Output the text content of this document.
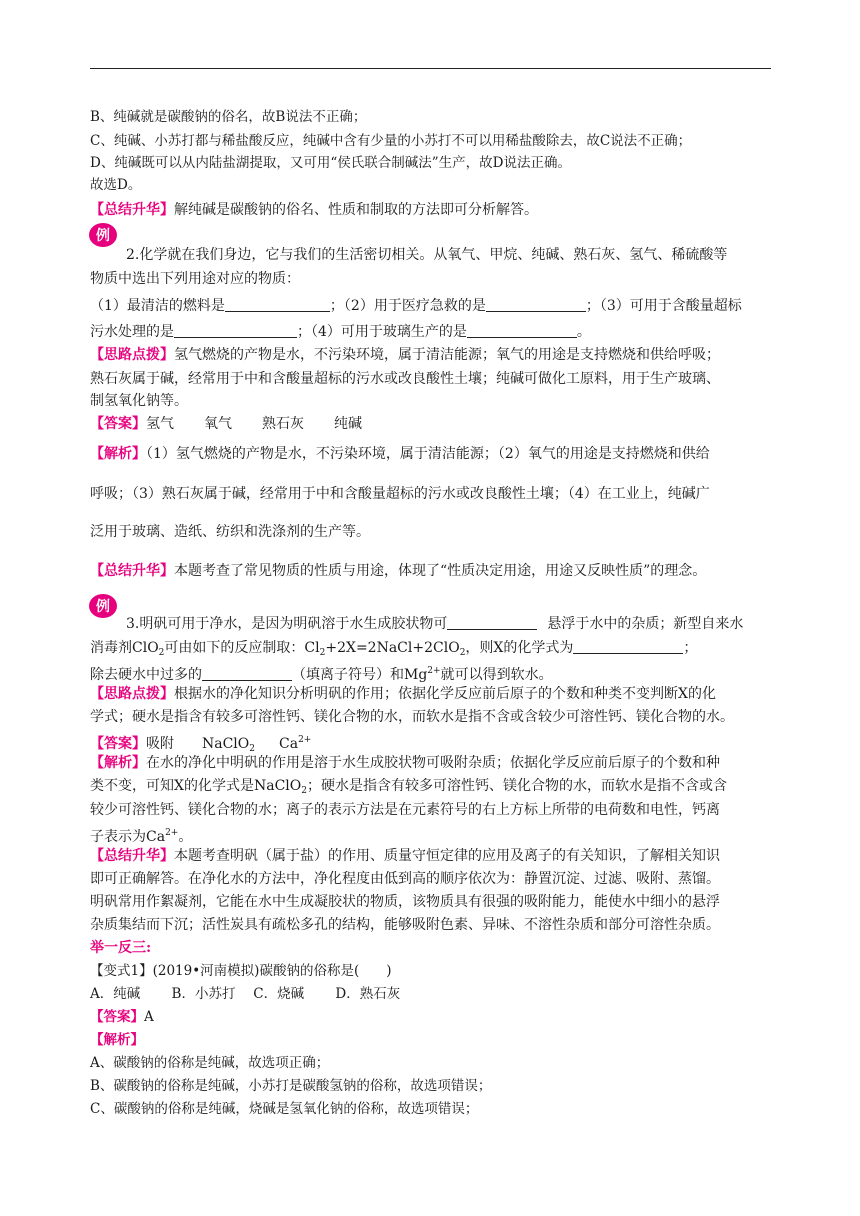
B、纯碱就是碳酸钠的俗名，故B说法不正确；
C、纯碱、小苏打都与稀盐酸反应，纯碱中含有少量的小苏打不可以用稀盐酸除去，故C说法不正确；
D、纯碱既可以从内陆盐湖提取，又可用“侯氏联合制碱法”生产，故D说法正确。
故选D。
【总结升华】解纯碱是碳酸钠的俗名、性质和制取的方法即可分析解答。
例
2.化学就在我们身边，它与我们的生活密切相关。从氧气、甲烷、纯碱、熟石灰、氢气、稀硫酸等
物质中选出下列用途对应的物质：
（1）最清洁的燃料是	；（2）用于医疗急救的是	；（3）可用于含酸量超标
污水处理的是	；（4）可用于玻璃生产的是	。
【思路点拨】氢气燃烧的产物是水，不污染环境，属于清洁能源；氧气的用途是支持燃烧和供给呼吸；
熟石灰属于碱，经常用于中和含酸量超标的污水或改良酸性土壤；纯碱可做化工原料，用于生产玻璃、
制氢氧化钠等。
【答案】氢气 氧气 熟石灰 纯碱
【解析】（1）氢气燃烧的产物是水，不污染环境，属于清洁能源；（2）氧气的用途是支持燃烧和供给
呼吸；（3）熟石灰属于碱，经常用于中和含酸量超标的污水或改良酸性土壤；（4）在工业上，纯碱广
泛用于玻璃、造纸、纺织和洗涤剂的生产等。
【总结升华】本题考查了常见物质的性质与用途，体现了“性质决定用途，用途又反映性质”的理念。
例
3.明矾可用于净水，是因为明矾溶于水生成胶状物可	悬浮于水中的杂质；新型自来水
消毒剂ClO$_2$可由如下的反应制取：$Cl_2+2X=2NaCl+2ClO_2$，则X的化学式为	；
除去硬水中过多的	（填离子符号）和$Mg^{2+}$就可以得到软水。
【思路点拨】根据水的净化知识分析明矾的作用；依据化学反应前后原子的个数和种类不变判断X的化
学式；硬水是指含有较多可溶性钙、镁化合物的水，而软水是指不含或含较少可溶性钙、镁化合物的水。
【答案】吸附 NaClO$_2$ $Ca^{2+}$
【解析】在水的净化中明矾的作用是溶于水生成胶状物可吸附杂质；依据化学反应前后原子的个数和种
类不变，可知X的化学式是NaClO$_2$；硬水是指含有较多可溶性钙、镁化合物的水，而软水是指不含或含
较少可溶性钙、镁化合物的水；离子的表示方法是在元素符号的右上方标上所带的电荷数和电性，钙离
子表示为$Ca^{2+}$。
【总结升华】本题考查明矾（属于盐）的作用、质量守恒定律的应用及离子的有关知识，了解相关知识
即可正确解答。在净化水的方法中，净化程度由低到高的顺序依次为：静置沉淀、过滤、吸附、蒸馏。
明矾常用作絮凝剂，它能在水中生成凝胶状的物质，该物质具有很强的吸附能力，能使水中细小的悬浮
杂质集结而下沉；活性炭具有疏松多孔的结构，能够吸附色素、异味、不溶性杂质和部分可溶性杂质。
举一反三:
【变式1】(2019•河南模拟)碳酸钠的俗称是(　　)
A．纯碱　　 B．小苏打　 C．烧碱　　 D．熟石灰
【答案】A
【解析】
A、碳酸钠的俗称是纯碱，故选项正确；
B、碳酸钠的俗称是纯碱，小苏打是碳酸氢钠的俗称，故选项错误；
C、碳酸钠的俗称是纯碱，烧碱是氢氧化钠的俗称，故选项错误；
